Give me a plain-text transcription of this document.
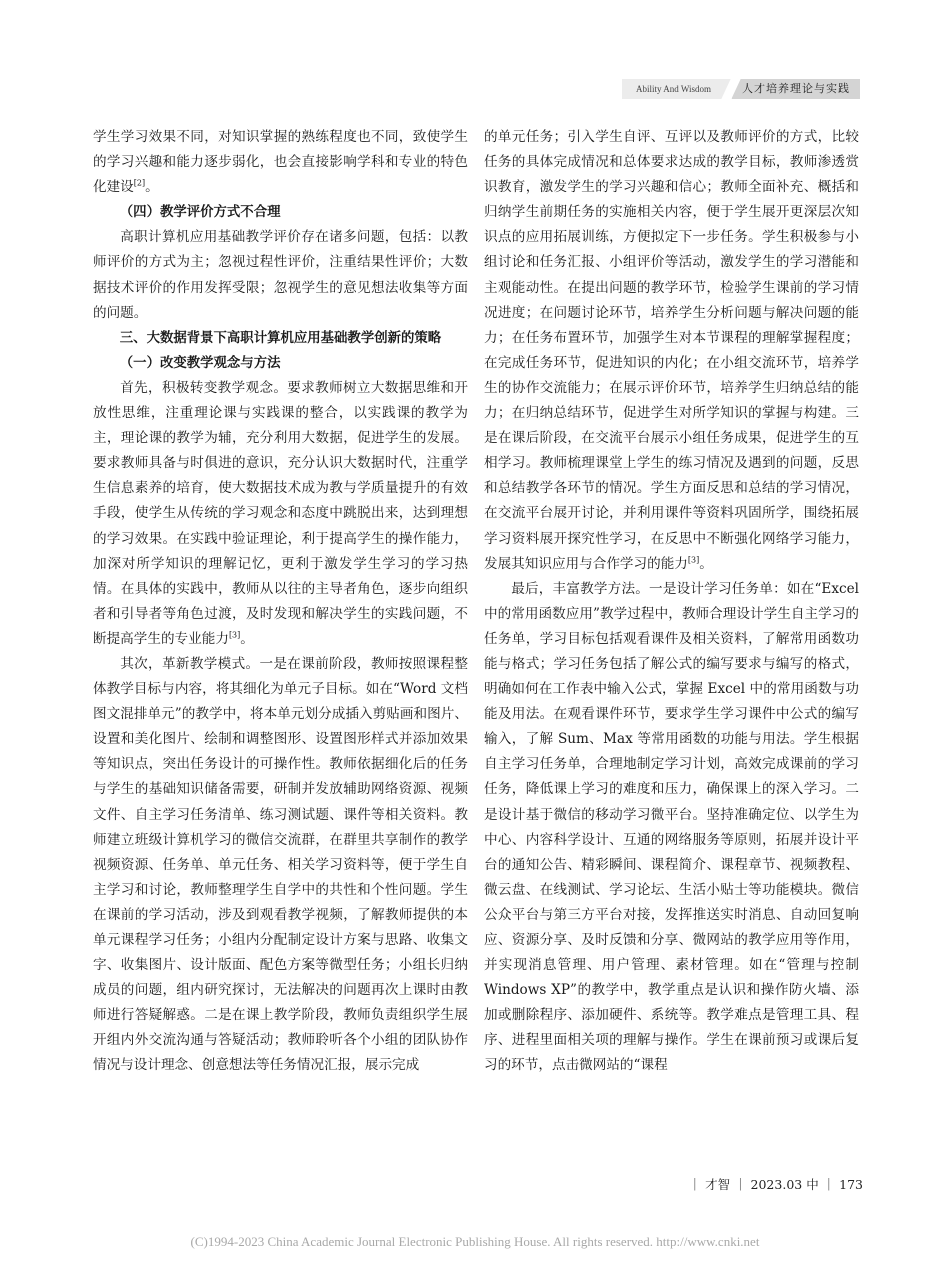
Ability And Wisdom	人才培养理论与实践

学生学习效果不同，对知识掌握的熟练程度也不同，致使学生的学习兴趣和能力逐步弱化，也会直接影响学科和专业的特色化建设[2]。

（四）教学评价方式不合理

高职计算机应用基础教学评价存在诸多问题，包括：以教师评价的方式为主；忽视过程性评价，注重结果性评价；大数据技术评价的作用发挥受限；忽视学生的意见想法收集等方面的问题。

三、大数据背景下高职计算机应用基础教学创新的策略

（一）改变教学观念与方法

首先，积极转变教学观念。要求教师树立大数据思维和开放性思维，注重理论课与实践课的整合，以实践课的教学为主，理论课的教学为辅，充分利用大数据，促进学生的发展。要求教师具备与时俱进的意识，充分认识大数据时代，注重学生信息素养的培育，使大数据技术成为教与学质量提升的有效手段，使学生从传统的学习观念和态度中跳脱出来，达到理想的学习效果。在实践中验证理论，利于提高学生的操作能力，加深对所学知识的理解记忆，更利于激发学生学习的学习热情。在具体的实践中，教师从以往的主导者角色，逐步向组织者和引导者等角色过渡，及时发现和解决学生的实践问题，不断提高学生的专业能力[3]。

其次，革新教学模式。一是在课前阶段，教师按照课程整体教学目标与内容，将其细化为单元子目标。如在“Word 文档图文混排单元”的教学中，将本单元划分成插入剪贴画和图片、设置和美化图片、绘制和调整图形、设置图形样式并添加效果等知识点，突出任务设计的可操作性。教师依据细化后的任务与学生的基础知识储备需要，研制并发放辅助网络资源、视频文件、自主学习任务清单、练习测试题、课件等相关资料。教师建立班级计算机学习的微信交流群，在群里共享制作的教学视频资源、任务单、单元任务、相关学习资料等，便于学生自主学习和讨论，教师整理学生自学中的共性和个性问题。学生在课前的学习活动，涉及到观看教学视频，了解教师提供的本单元课程学习任务；小组内分配制定设计方案与思路、收集文字、收集图片、设计版面、配色方案等微型任务；小组长归纳成员的问题，组内研究探讨，无法解决的问题再次上课时由教师进行答疑解惑。二是在课上教学阶段，教师负责组织学生展开组内外交流沟通与答疑活动；教师聆听各个小组的团队协作情况与设计理念、创意想法等任务情况汇报，展示完成

的单元任务；引入学生自评、互评以及教师评价的方式，比较任务的具体完成情况和总体要求达成的教学目标，教师渗透赏识教育，激发学生的学习兴趣和信心；教师全面补充、概括和归纳学生前期任务的实施相关内容，便于学生展开更深层次知识点的应用拓展训练，方便拟定下一步任务。学生积极参与小组讨论和任务汇报、小组评价等活动，激发学生的学习潜能和主观能动性。在提出问题的教学环节，检验学生课前的学习情况进度；在问题讨论环节，培养学生分析问题与解决问题的能力；在任务布置环节，加强学生对本节课程的理解掌握程度；在完成任务环节，促进知识的内化；在小组交流环节，培养学生的协作交流能力；在展示评价环节，培养学生归纳总结的能力；在归纳总结环节，促进学生对所学知识的掌握与构建。三是在课后阶段，在交流平台展示小组任务成果，促进学生的互相学习。教师梳理课堂上学生的练习情况及遇到的问题，反思和总结教学各环节的情况。学生方面反思和总结的学习情况，在交流平台展开讨论，并利用课件等资料巩固所学，围绕拓展学习资料展开探究性学习，在反思中不断强化网络学习能力，发展其知识应用与合作学习的能力[3]。

最后，丰富教学方法。一是设计学习任务单：如在“Excel 中的常用函数应用”教学过程中，教师合理设计学生自主学习的任务单，学习目标包括观看课件及相关资料，了解常用函数功能与格式；学习任务包括了解公式的编写要求与编写的格式，明确如何在工作表中输入公式，掌握 Excel 中的常用函数与功能及用法。在观看课件环节，要求学生学习课件中公式的编写输入，了解 Sum、Max 等常用函数的功能与用法。学生根据自主学习任务单，合理地制定学习计划，高效完成课前的学习任务，降低课上学习的难度和压力，确保课上的深入学习。二是设计基于微信的移动学习微平台。坚持准确定位、以学生为中心、内容科学设计、互通的网络服务等原则，拓展并设计平台的通知公告、精彩瞬间、课程简介、课程章节、视频教程、微云盘、在线测试、学习论坛、生活小贴士等功能模块。微信公众平台与第三方平台对接，发挥推送实时消息、自动回复响应、资源分享、及时反馈和分享、微网站的教学应用等作用，并实现消息管理、用户管理、素材管理。如在“管理与控制 Windows XP”的教学中，教学重点是认识和操作防火墙、添加或删除程序、添加硬件、系统等。教学难点是管理工具、程序、进程里面相关项的理解与操作。学生在课前预习或课后复习的环节，点击微网站的“课程

｜ 才智 ｜ 2023.03 中 ｜ 173
(C)1994-2023 China Academic Journal Electronic Publishing House. All rights reserved. http://www.cnki.net
